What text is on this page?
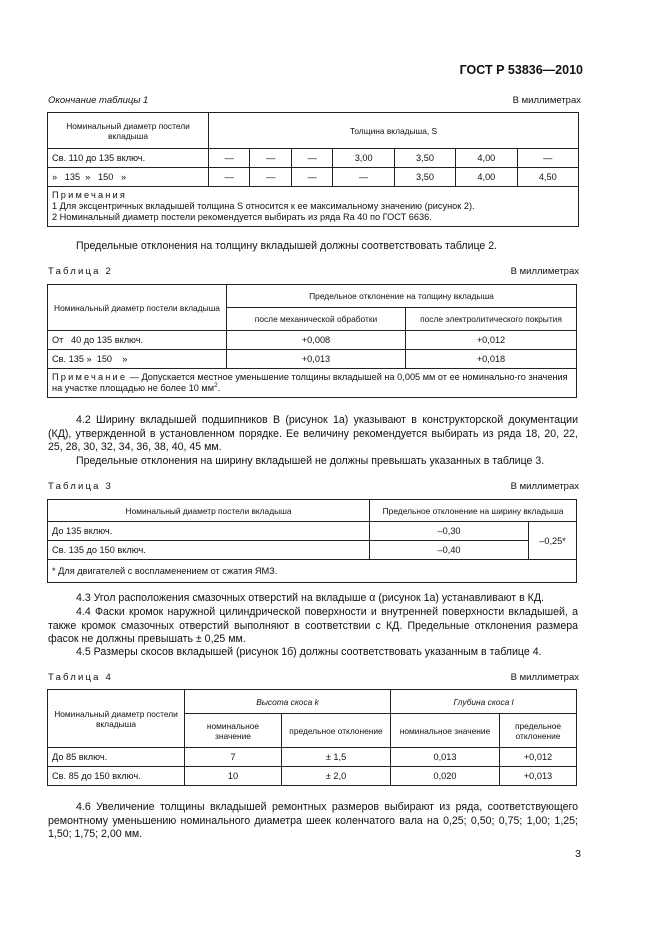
ГОСТ Р 53836—2010
Окончание таблицы 1	В миллиметрах
Номинальный диаметр постели вкладыша	Толщина вкладыша, S						
Св. 110 до 135 включ.	—	—	—	3,00	3,50	4,00	—
»   135  »   150   »	—	—	—	—	3,50	4,00	4,50

Примечания
1 Для эксцентричных вкладышей толщина S относится к ее максимальному значению (рисунок 2).
2 Номинальный диаметр постели рекомендуется выбирать из ряда Ra 40 по ГОСТ 6636.							
Предельные отклонения на толщину вкладышей должны соответствовать таблице 2.
Таблица 2	В миллиметрах
Номинальный диаметр постели вкладыша	Предельное отклонение на толщину вкладыша	
	после механической обработки	после электролитического покрытия
От   40 до 135 включ.	+0,008	+0,012
Св. 135 »  150    »	+0,013	+0,018
Примечание — Допускается местное уменьшение толщины вкладышей на 0,005 мм от ее номинально-го значения на участке площадью не более 10 $мм^2$.		
4.2 Ширину вкладышей подшипников B (рисунок 1а) указывают в конструкторской документации (КД), утвержденной в установленном порядке. Ее величину рекомендуется выбирать из ряда 18, 20, 22, 25, 28, 30, 32, 34, 36, 38, 40, 45 мм.
Предельные отклонения на ширину вкладышей не должны превышать указанных в таблице 3.
Таблица 3	В миллиметрах
Номинальный диаметр постели вкладыша	Предельное отклонение на ширину вкладыша	
До 135 включ.	–0,30	–0,25*
Св. 135 до 150 включ.	–0,40	
* Для двигателей с воспламенением от сжатия ЯМЗ.		
4.3 Угол расположения смазочных отверстий на вкладыше α (рисунок 1а) устанавливают в КД.
4.4 Фаски кромок наружной цилиндрической поверхности и внутренней поверхности вкладышей, а также кромок смазочных отверстий выполняют в соответствии с КД. Предельные отклонения размера фасок не должны превышать ± 0,25 мм.
4.5 Размеры скосов вкладышей (рисунок 1б) должны соответствовать указанным в таблице 4.
Таблица 4	В миллиметрах
Номинальный диаметр постели вкладыша	Высота скоса k		Глубина скоса l	
	номинальное значение	предельное отклонение	номинальное значение	предельное отклонение
До 85 включ.	7	± 1,5	0,013	+0,012
Св. 85 до 150 включ.	10	± 2,0	0,020	+0,013
4.6 Увеличение толщины вкладышей ремонтных размеров выбирают из ряда, соответствующего ремонтному уменьшению номинального диаметра шеек коленчатого вала на 0,25; 0,50; 0,75; 1,00; 1,25; 1,50; 1,75; 2,00 мм.
3
